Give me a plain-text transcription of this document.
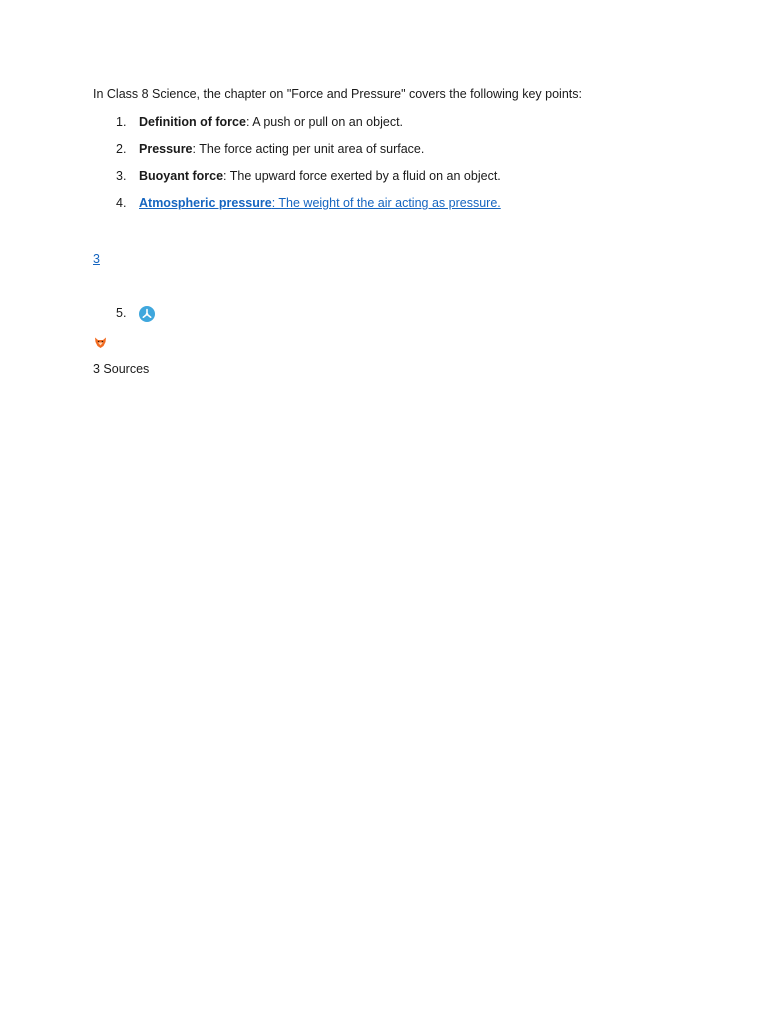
In Class 8 Science, the chapter on "Force and Pressure" covers the following key points:
1. Definition of force: A push or pull on an object.
2. Pressure: The force acting per unit area of surface.
3. Buoyant force: The upward force exerted by a fluid on an object.
4. Atmospheric pressure: The weight of the air acting as pressure.
3
5.
3 Sources
